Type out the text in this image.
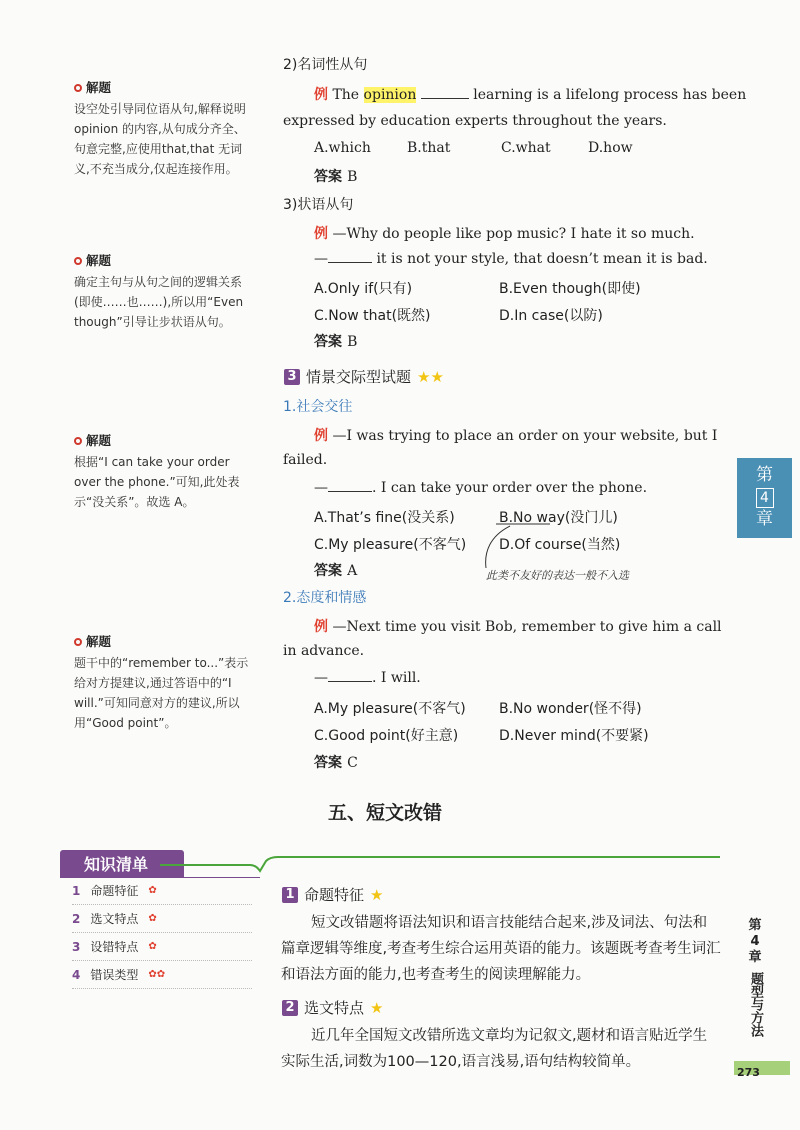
解题
设空处引导同位语从句,解释说明 opinion 的内容,从句成分齐全、句意完整,应使用that,that 无词义,不充当成分,仅起连接作用。
解题
确定主句与从句之间的逻辑关系(即使……也……),所以用“Even though”引导让步状语从句。
解题
根据“I can take your order over the phone.”可知,此处表示“没关系”。故选 A。
解题
题干中的“remember to...”表示给对方提建议,通过答语中的“I will.”可知同意对方的建议,所以用“Good point”。
2)名词性从句
例 The opinion	learning is a lifelong process has been
expressed by education experts throughout the years.
A.which	B.that	C.what	D.how
答案 B
3)状语从句
例 —Why do people like pop music? I hate it so much.
—	it is not your style, that doesn’t mean it is bad.
A.Only if(只有)	B.Even though(即使)
C.Now that(既然)	D.In case(以防)
答案 B
3 情景交际型试题 ★★
1.社会交往
例 —I was trying to place an order on your website, but I
failed.
—	. I can take your order over the phone.
A.That’s fine(没关系)	B.No way(没门儿)
C.My pleasure(不客气) D.Of course(当然)
答案 A	此类不友好的表达一般不入选
2.态度和情感
例 —Next time you visit Bob, remember to give him a call
in advance.
—	. I will.
A.My pleasure(不客气) B.No wonder(怪不得)
C.Good point(好主意)	D.Never mind(不要紧)
答案 C
五、短文改错
知识清单
1 命题特征 ✿
2 选文特点 ✿
3 设错特点 ✿
4 错误类型 ✿✿
1 命题特征 ★
短文改错题将语法知识和语言技能结合起来,涉及词法、句法和篇章逻辑等维度,考查考生综合运用英语的能力。该题既考查考生词汇和语法方面的能力,也考查考生的阅读理解能力。
2 选文特点 ★
近几年全国短文改错所选文章均为记叙文,题材和语言贴近学生实际生活,词数为100—120,语言浅易,语句结构较简单。
第
4
章
第
4
章
题型与方法
273
